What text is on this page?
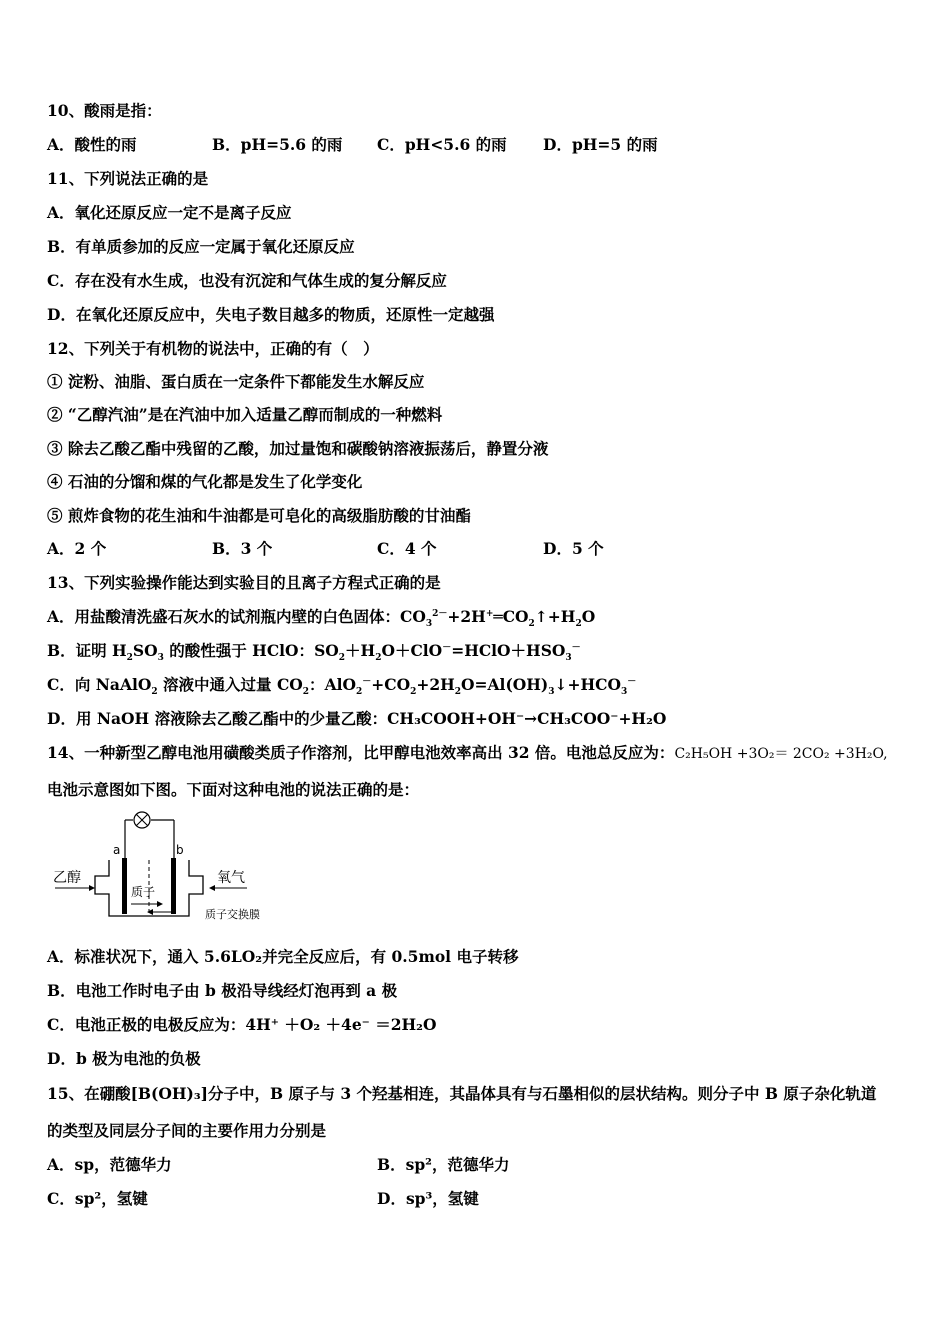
10、酸雨是指：
A．酸性的雨	B．pH=5.6 的雨 C．pH<5.6 的雨 D．pH=5 的雨
11、下列说法正确的是
A．氧化还原反应一定不是离子反应
B．有单质参加的反应一定属于氧化还原反应
C．存在没有水生成，也没有沉淀和气体生成的复分解反应
D．在氧化还原反应中，失电子数目越多的物质，还原性一定越强
12、下列关于有机物的说法中，正确的有（　）
① 淀粉、油脂、蛋白质在一定条件下都能发生水解反应
② “乙醇汽油”是在汽油中加入适量乙醇而制成的一种燃料
③ 除去乙酸乙酯中残留的乙酸，加过量饱和碳酸钠溶液振荡后，静置分液
④ 石油的分馏和煤的气化都是发生了化学变化
⑤ 煎炸食物的花生油和牛油都是可皂化的高级脂肪酸的甘油酯
A．2 个	B．3 个	C．4 个	D．5 个
13、下列实验操作能达到实验目的且离子方程式正确的是
A．用盐酸清洗盛石灰水的试剂瓶内壁的白色固体：$CO_3^{2-}+2H^+═CO_2↑+H_2O$
B．证明 $H_2SO_3$ 的酸性强于 HClO：$SO_2+H_2O+ClO^-=HClO+HSO_3^-$
C．向 NaAlO$_2$ 溶液中通入过量 $CO_2$：$AlO_2^-+CO_2+2H_2O=Al(OH)_3↓+HCO_3^-$
D．用 NaOH 溶液除去乙酸乙酯中的少量乙酸：CH₃COOH+OH⁻→CH₃COO⁻+H₂O
14、一种新型乙醇电池用磺酸类质子作溶剂，比甲醇电池效率高出 32 倍。电池总反应为：C₂H₅OH +3O₂＝ 2CO₂ +3H₂O,
电池示意图如下图。下面对这种电池的说法正确的是：
a	b
乙醇	氧气
质子
质子交换膜
A．标准状况下，通入 5.6LO₂并完全反应后，有 0.5mol 电子转移
B．电池工作时电子由 b 极沿导线经灯泡再到 a 极
C．电池正极的电极反应为：4H⁺ ＋O₂ ＋4e⁻ ＝2H₂O
D．b 极为电池的负极
15、在硼酸[B(OH)₃]分子中，B 原子与 3 个羟基相连，其晶体具有与石墨相似的层状结构。则分子中 B 原子杂化轨道
的类型及同层分子间的主要作用力分别是
A．sp，范德华力	B．sp²，范德华力
C．sp²，氢键	D．sp³，氢键
